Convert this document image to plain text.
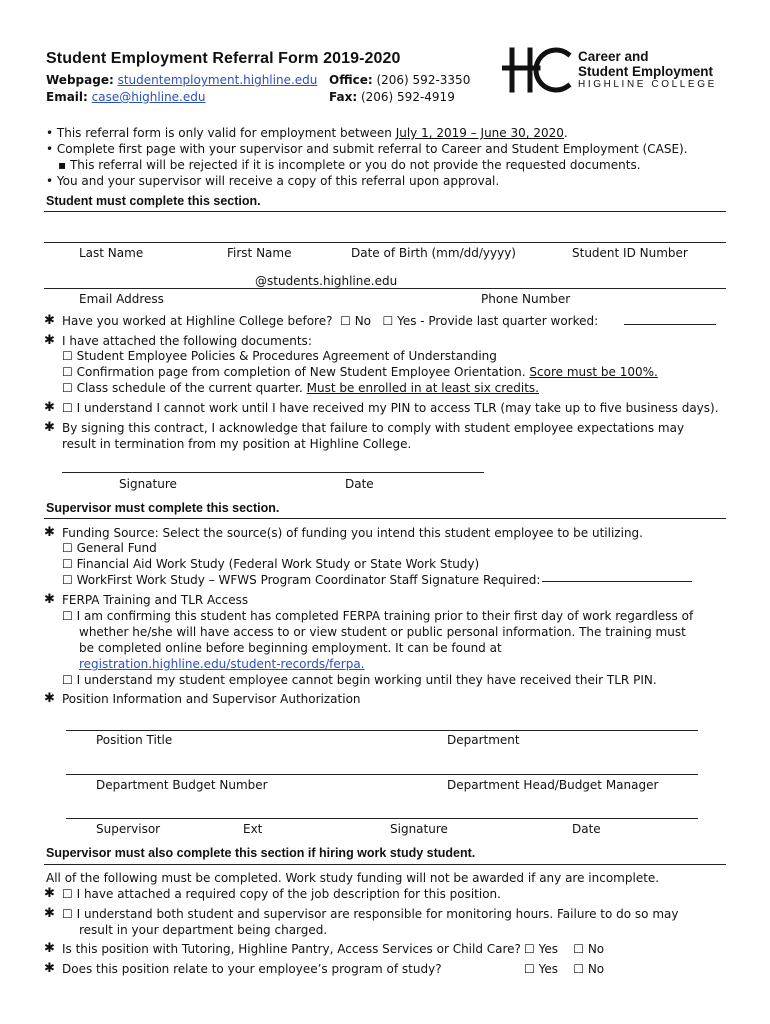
Student Employment Referral Form 2019-2020
Webpage: studentemployment.highline.edu
Email: case@highline.edu
Office: (206) 592-3350
Fax: (206) 592-4919
Career and
Student Employment
HIGHLINE COLLEGE
• This referral form is only valid for employment between July 1, 2019 – June 30, 2020.
• Complete first page with your supervisor and submit referral to Career and Student Employment (CASE).
▪ This referral will be rejected if it is incomplete or you do not provide the requested documents.
• You and your supervisor will receive a copy of this referral upon approval.
Student must complete this section.
Last Name	First Name	Date of Birth (mm/dd/yyyy)	Student ID Number
@students.highline.edu
Email Address	Phone Number
✱ Have you worked at Highline College before? ☐ No ☐ Yes - Provide last quarter worked:
✱ I have attached the following documents:
☐ Student Employee Policies & Procedures Agreement of Understanding
☐ Confirmation page from completion of New Student Employee Orientation. Score must be 100%.
☐ Class schedule of the current quarter. Must be enrolled in at least six credits.
✱ ☐ I understand I cannot work until I have received my PIN to access TLR (may take up to five business days).
✱ By signing this contract, I acknowledge that failure to comply with student employee expectations may
result in termination from my position at Highline College.
Signature	Date
Supervisor must complete this section.
✱ Funding Source: Select the source(s) of funding you intend this student employee to be utilizing.
☐ General Fund
☐ Financial Aid Work Study (Federal Work Study or State Work Study)
☐ WorkFirst Work Study – WFWS Program Coordinator Staff Signature Required:
✱ FERPA Training and TLR Access
☐ I am confirming this student has completed FERPA training prior to their first day of work regardless of
whether he/she will have access to or view student or public personal information. The training must
be completed online before beginning employment. It can be found at
registration.highline.edu/student-records/ferpa.
☐ I understand my student employee cannot begin working until they have received their TLR PIN.
✱ Position Information and Supervisor Authorization
Position Title	Department
Department Budget Number	Department Head/Budget Manager
Supervisor	Ext	Signature	Date
Supervisor must also complete this section if hiring work study student.
All of the following must be completed. Work study funding will not be awarded if any are incomplete.
✱ ☐ I have attached a required copy of the job description for this position.
✱ ☐ I understand both student and supervisor are responsible for monitoring hours. Failure to do so may
result in your department being charged.
✱ Is this position with Tutoring, Highline Pantry, Access Services or Child Care? ☐ Yes ☐ No
✱ Does this position relate to your employee’s program of study?	☐ Yes ☐ No
